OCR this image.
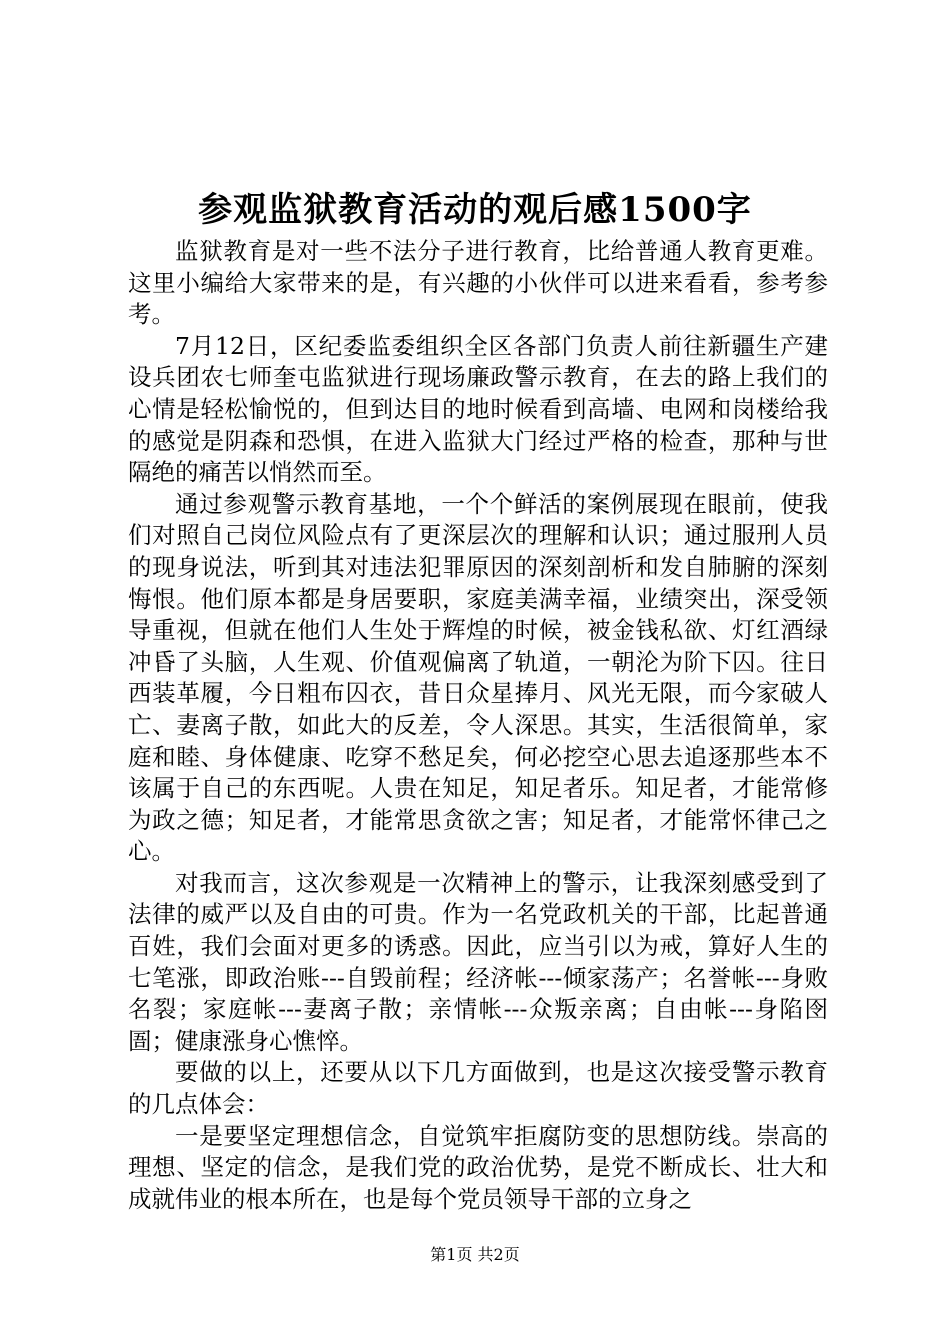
参观监狱教育活动的观后感1500字

监狱教育是对一些不法分子进行教育，比给普通人教育更难。这里小编给大家带来的是，有兴趣的小伙伴可以进来看看，参考参考。

7月12日，区纪委监委组织全区各部门负责人前往新疆生产建设兵团农七师奎屯监狱进行现场廉政警示教育，在去的路上我们的心情是轻松愉悦的，但到达目的地时候看到高墙、电网和岗楼给我的感觉是阴森和恐惧，在进入监狱大门经过严格的检查，那种与世隔绝的痛苦以悄然而至。

通过参观警示教育基地，一个个鲜活的案例展现在眼前，使我们对照自己岗位风险点有了更深层次的理解和认识；通过服刑人员的现身说法，听到其对违法犯罪原因的深刻剖析和发自肺腑的深刻悔恨。他们原本都是身居要职，家庭美满幸福，业绩突出，深受领导重视，但就在他们人生处于辉煌的时候，被金钱私欲、灯红酒绿冲昏了头脑，人生观、价值观偏离了轨道，一朝沦为阶下囚。往日西装革履，今日粗布囚衣，昔日众星捧月、风光无限，而今家破人亡、妻离子散，如此大的反差，令人深思。其实，生活很简单，家庭和睦、身体健康、吃穿不愁足矣，何必挖空心思去追逐那些本不该属于自己的东西呢。人贵在知足，知足者乐。知足者，才能常修为政之德；知足者，才能常思贪欲之害；知足者，才能常怀律己之心。

对我而言，这次参观是一次精神上的警示，让我深刻感受到了法律的威严以及自由的可贵。作为一名党政机关的干部，比起普通百姓，我们会面对更多的诱惑。因此，应当引以为戒，算好人生的七笔涨，即政治账---自毁前程；经济帐---倾家荡产；名誉帐---身败名裂；家庭帐---妻离子散；亲情帐---众叛亲离；自由帐---身陷囹圄；健康涨身心憔悴。

要做的以上，还要从以下几方面做到，也是这次接受警示教育的几点体会：

一是要坚定理想信念，自觉筑牢拒腐防变的思想防线。崇高的理想、坚定的信念，是我们党的政治优势，是党不断成长、壮大和成就伟业的根本所在，也是每个党员领导干部的立身之

第1页 共2页
